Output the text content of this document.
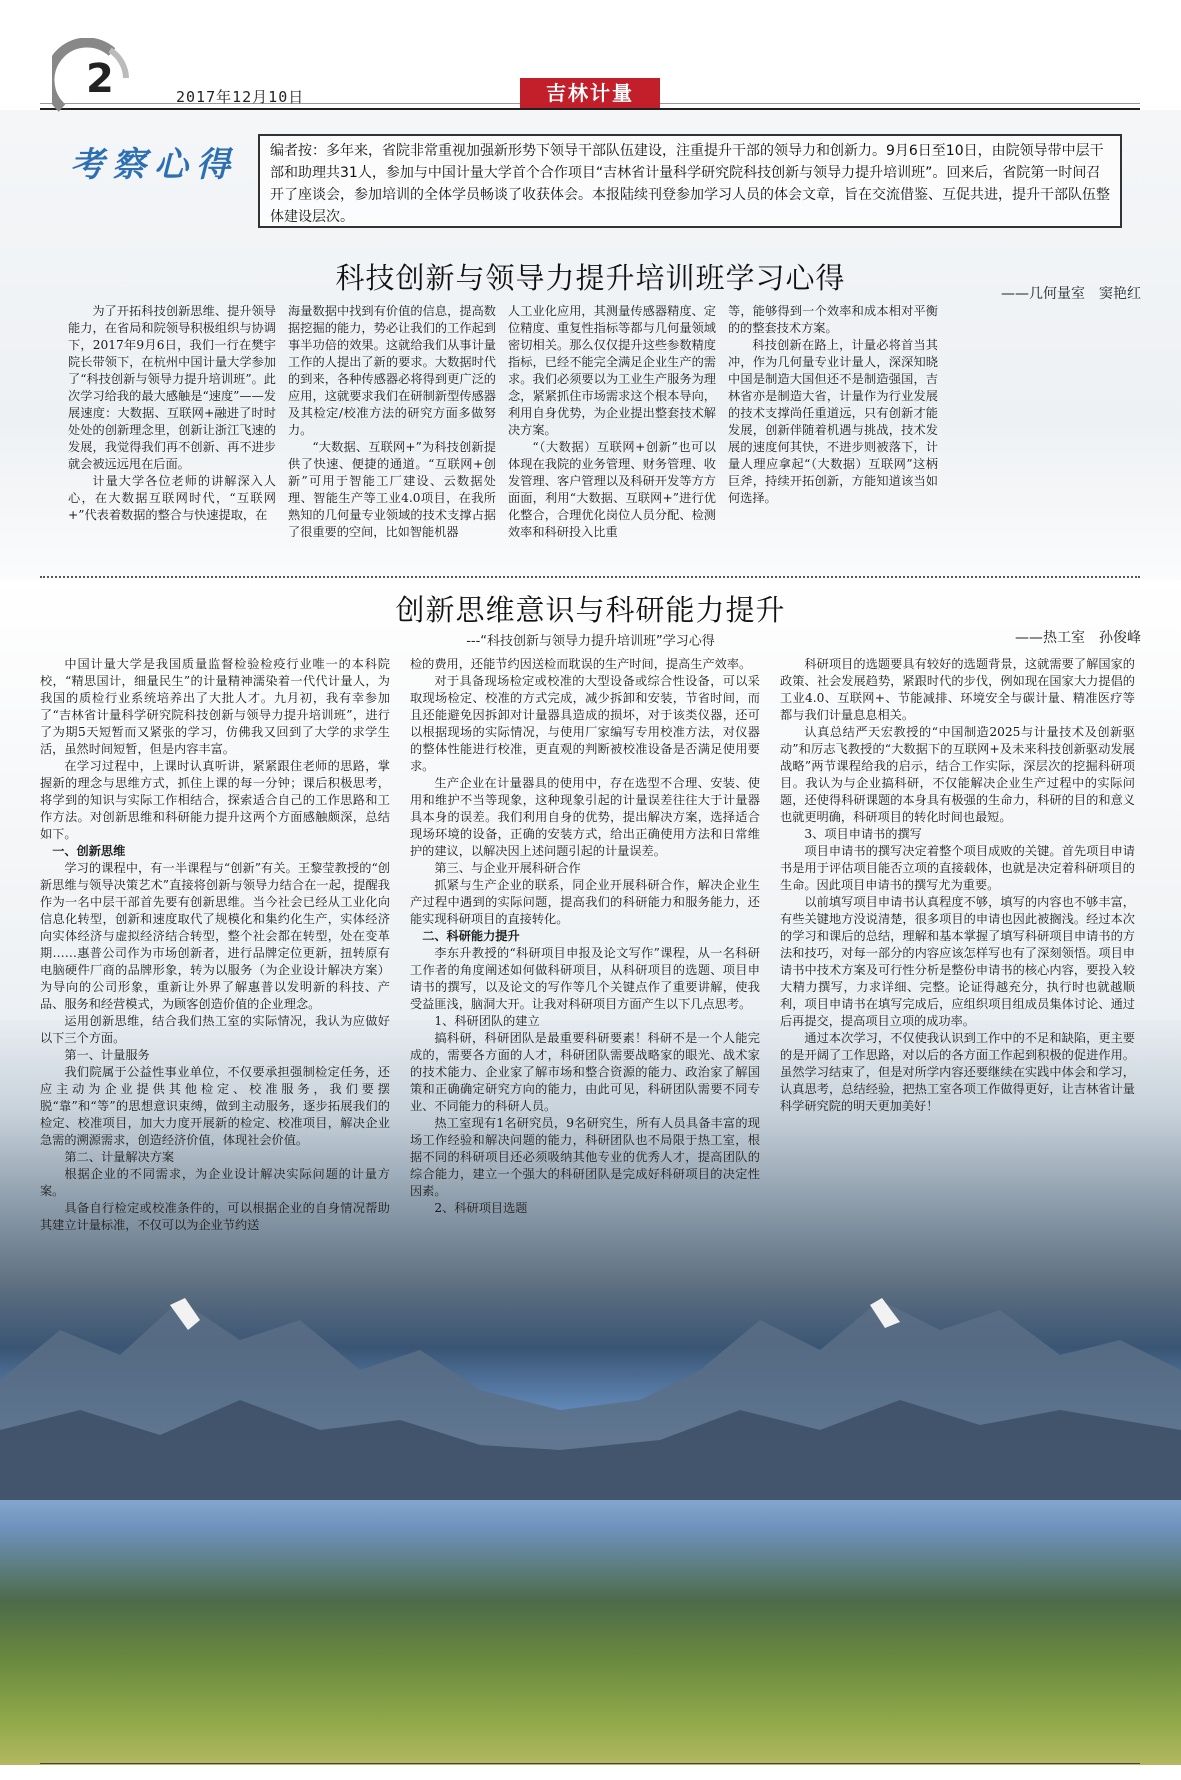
2	2017年12月10日	吉林计量
考察心得	编者按：多年来，省院非常重视加强新形势下领导干部队伍建设，注重提升干部的领导力和创新力。9月6日至10日，由院领导带中层干部和助理共31人，参加与中国计量大学首个合作项目“吉林省计量科学研究院科技创新与领导力提升培训班”。回来后，省院第一时间召开了座谈会，参加培训的全体学员畅谈了收获体会。本报陆续刊登参加学习人员的体会文章，旨在交流借鉴、互促共进，提升干部队伍整体建设层次。
科技创新与领导力提升培训班学习心得	——几何量室　窦艳红

为了开拓科技创新思维、提升领导能力，在省局和院领导积极组织与协调下，2017年9月6日，我们一行在樊宇院长带领下，在杭州中国计量大学参加了“科技创新与领导力提升培训班”。此次学习给我的最大感触是“速度”——发展速度：大数据、互联网+融进了时时处处的创新理念里，创新让浙江飞速的发展，我觉得我们再不创新、再不进步就会被远远甩在后面。

计量大学各位老师的讲解深入人心，在大数据互联网时代，“互联网+”代表着数据的整合与快速提取，在

海量数据中找到有价值的信息，提高数据挖掘的能力，势必让我们的工作起到事半功倍的效果。这就给我们从事计量工作的人提出了新的要求。大数据时代的到来，各种传感器必将得到更广泛的应用，这就要求我们在研制新型传感器及其检定/校准方法的研究方面多做努力。

“大数据、互联网+”为科技创新提供了快速、便捷的通道。“互联网+创新”可用于智能工厂建设、云数据处理、智能生产等工业4.0项目，在我所熟知的几何量专业领域的技术支撑占据了很重要的空间，比如智能机器

人工业化应用，其测量传感器精度、定位精度、重复性指标等都与几何量领域密切相关。那么仅仅提升这些参数精度指标，已经不能完全满足企业生产的需求。我们必须要以为工业生产服务为理念，紧紧抓住市场需求这个根本导向，利用自身优势，为企业提出整套技术解决方案。

“（大数据）互联网+创新”也可以体现在我院的业务管理、财务管理、收发管理、客户管理以及科研开发等方方面面，利用“大数据、互联网+”进行优化整合，合理优化岗位人员分配、检测效率和科研投入比重

等，能够得到一个效率和成本相对平衡的的整套技术方案。

科技创新在路上，计量必将首当其冲，作为几何量专业计量人，深深知晓中国是制造大国但还不是制造强国，吉林省亦是制造大省，计量作为行业发展的技术支撑尚任重道远，只有创新才能发展，创新伴随着机遇与挑战，技术发展的速度何其快，不进步则被落下，计量人理应拿起“（大数据）互联网”这柄巨斧，持续开拓创新，方能知道该当如何选择。

创新思维意识与科研能力提升
——热工室　孙俊峰
---“科技创新与领导力提升培训班”学习心得

中国计量大学是我国质量监督检验检疫行业唯一的本科院校，“精思国计，细量民生”的计量精神濡染着一代代计量人，为我国的质检行业系统培养出了大批人才。九月初，我有幸参加了“吉林省计量科学研究院科技创新与领导力提升培训班”，进行了为期5天短暂而又紧张的学习，仿佛我又回到了大学的求学生活，虽然时间短暂，但是内容丰富。

在学习过程中，上课时认真听讲，紧紧跟住老师的思路，掌握新的理念与思维方式，抓住上课的每一分钟；课后积极思考，将学到的知识与实际工作相结合，探索适合自己的工作思路和工作方法。对创新思维和科研能力提升这两个方面感触颇深，总结如下。

一、创新思维

学习的课程中，有一半课程与“创新”有关。王黎莹教授的“创新思维与领导决策艺术”直接将创新与领导力结合在一起，提醒我作为一名中层干部首先要有创新思维。当今社会已经从工业化向信息化转型，创新和速度取代了规模化和集约化生产，实体经济向实体经济与虚拟经济结合转型，整个社会都在转型，处在变革期……惠普公司作为市场创新者，进行品牌定位更新，扭转原有电脑硬件厂商的品牌形象，转为以服务（为企业设计解决方案）为导向的公司形象，重新让外界了解惠普以发明新的科技、产品、服务和经营模式，为顾客创造价值的企业理念。

运用创新思维，结合我们热工室的实际情况，我认为应做好以下三个方面。

第一、计量服务

我们院属于公益性事业单位，不仅要承担强制检定任务，还应主动为企业提供其他检定、校准服务，我们要摆脱“靠”和“等”的思想意识束缚，做到主动服务，逐步拓展我们的检定、校准项目，加大力度开展新的检定、校准项目，解决企业急需的溯源需求，创造经济价值，体现社会价值。

第二、计量解决方案

根据企业的不同需求，为企业设计解决实际问题的计量方案。

具备自行检定或校准条件的，可以根据企业的自身情况帮助其建立计量标准，不仅可以为企业节约送

检的费用，还能节约因送检而耽误的生产时间，提高生产效率。

对于具备现场检定或校准的大型设备或综合性设备，可以采取现场检定、校准的方式完成，减少拆卸和安装，节省时间，而且还能避免因拆卸对计量器具造成的损坏，对于该类仪器，还可以根据现场的实际情况，与使用厂家编写专用校准方法，对仪器的整体性能进行校准，更直观的判断被校准设备是否满足使用要求。

生产企业在计量器具的使用中，存在选型不合理、安装、使用和维护不当等现象，这种现象引起的计量误差往往大于计量器具本身的误差。我们利用自身的优势，提出解决方案，选择适合现场环境的设备，正确的安装方式，给出正确使用方法和日常维护的建议，以解决因上述问题引起的计量误差。

第三、与企业开展科研合作

抓紧与生产企业的联系，同企业开展科研合作，解决企业生产过程中遇到的实际问题，提高我们的科研能力和服务能力，还能实现科研项目的直接转化。

二、科研能力提升

李东升教授的“科研项目申报及论文写作”课程，从一名科研工作者的角度阐述如何做科研项目，从科研项目的选题、项目申请书的撰写，以及论文的写作等几个关键点作了重要讲解，使我受益匪浅，脑洞大开。让我对科研项目方面产生以下几点思考。

1、科研团队的建立

搞科研，科研团队是最重要科研要素！科研不是一个人能完成的，需要各方面的人才，科研团队需要战略家的眼光、战术家的技术能力、企业家了解市场和整合资源的能力、政治家了解国策和正确确定研究方向的能力，由此可见，科研团队需要不同专业、不同能力的科研人员。

热工室现有1名研究员，9名研究生，所有人员具备丰富的现场工作经验和解决问题的能力，科研团队也不局限于热工室，根据不同的科研项目还必须吸纳其他专业的优秀人才，提高团队的综合能力，建立一个强大的科研团队是完成好科研项目的决定性因素。

2、科研项目选题

科研项目的选题要具有较好的选题背景，这就需要了解国家的政策、社会发展趋势，紧跟时代的步伐，例如现在国家大力提倡的工业4.0、互联网+、节能减排、环境安全与碳计量、精准医疗等都与我们计量息息相关。

认真总结严天宏教授的“中国制造2025与计量技术及创新驱动”和厉志飞教授的“大数据下的互联网+及未来科技创新驱动发展战略”两节课程给我的启示，结合工作实际，深层次的挖掘科研项目。我认为与企业搞科研，不仅能解决企业生产过程中的实际问题，还使得科研课题的本身具有极强的生命力，科研的目的和意义也就更明确，科研项目的转化时间也最短。

3、项目申请书的撰写

项目申请书的撰写决定着整个项目成败的关键。首先项目申请书是用于评估项目能否立项的直接载体，也就是决定着科研项目的生命。因此项目申请书的撰写尤为重要。

以前填写项目申请书认真程度不够，填写的内容也不够丰富，有些关键地方没说清楚，很多项目的申请也因此被搁浅。经过本次的学习和课后的总结，理解和基本掌握了填写科研项目申请书的方法和技巧，对每一部分的内容应该怎样写也有了深刻领悟。项目申请书中技术方案及可行性分析是整份申请书的核心内容，要投入较大精力撰写，力求详细、完整。论证得越充分，执行时也就越顺利，项目申请书在填写完成后，应组织项目组成员集体讨论、通过后再提交，提高项目立项的成功率。

通过本次学习，不仅使我认识到工作中的不足和缺陷，更主要的是开阔了工作思路，对以后的各方面工作起到积极的促进作用。虽然学习结束了，但是对所学内容还要继续在实践中体会和学习，认真思考，总结经验，把热工室各项工作做得更好，让吉林省计量科学研究院的明天更加美好！
